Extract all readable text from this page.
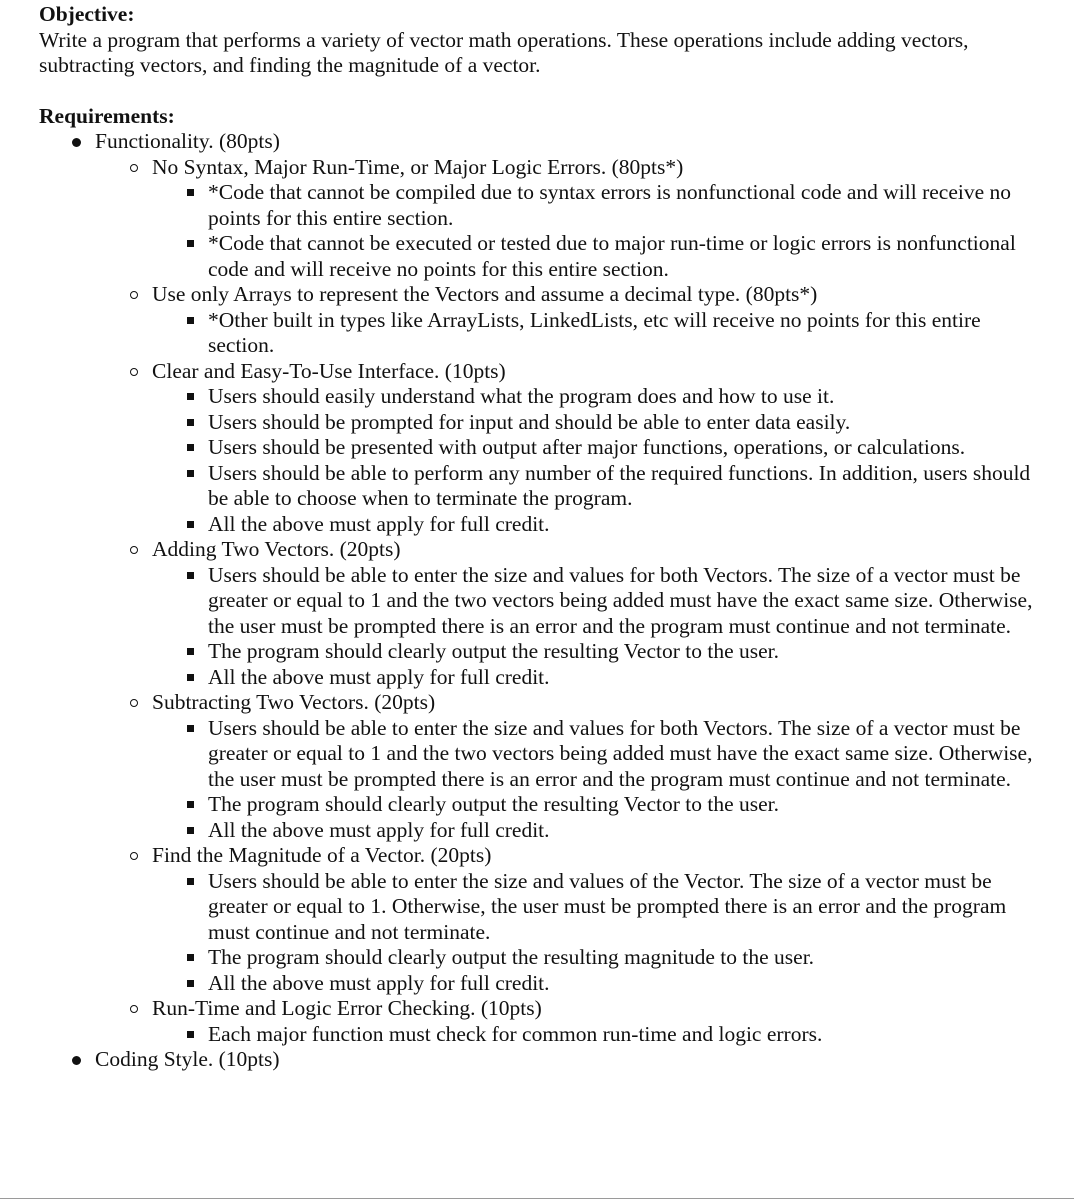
Objective:

Write a program that performs a variety of vector math operations. These operations include adding vectors, subtracting vectors, and finding the magnitude of a vector.

Requirements:
Functionality. (80pts)
No Syntax, Major Run-Time, or Major Logic Errors. (80pts*)
*Code that cannot be compiled due to syntax errors is nonfunctional code and will receive no points for this entire section.
*Code that cannot be executed or tested due to major run-time or logic errors is nonfunctional code and will receive no points for this entire section.
Use only Arrays to represent the Vectors and assume a decimal type. (80pts*)
*Other built in types like ArrayLists, LinkedLists, etc will receive no points for this entire section.
Clear and Easy-To-Use Interface. (10pts)
Users should easily understand what the program does and how to use it.
Users should be prompted for input and should be able to enter data easily.
Users should be presented with output after major functions, operations, or calculations.
Users should be able to perform any number of the required functions. In addition, users should be able to choose when to terminate the program.
All the above must apply for full credit.
Adding Two Vectors. (20pts)
Users should be able to enter the size and values for both Vectors. The size of a vector must be greater or equal to 1 and the two vectors being added must have the exact same size. Otherwise, the user must be prompted there is an error and the program must continue and not terminate.
The program should clearly output the resulting Vector to the user.
All the above must apply for full credit.
Subtracting Two Vectors. (20pts)
Users should be able to enter the size and values for both Vectors. The size of a vector must be greater or equal to 1 and the two vectors being added must have the exact same size. Otherwise, the user must be prompted there is an error and the program must continue and not terminate.
The program should clearly output the resulting Vector to the user.
All the above must apply for full credit.
Find the Magnitude of a Vector. (20pts)
Users should be able to enter the size and values of the Vector. The size of a vector must be greater or equal to 1. Otherwise, the user must be prompted there is an error and the program must continue and not terminate.
The program should clearly output the resulting magnitude to the user.
All the above must apply for full credit.
Run-Time and Logic Error Checking. (10pts)
Each major function must check for common run-time and logic errors.
Coding Style. (10pts)
